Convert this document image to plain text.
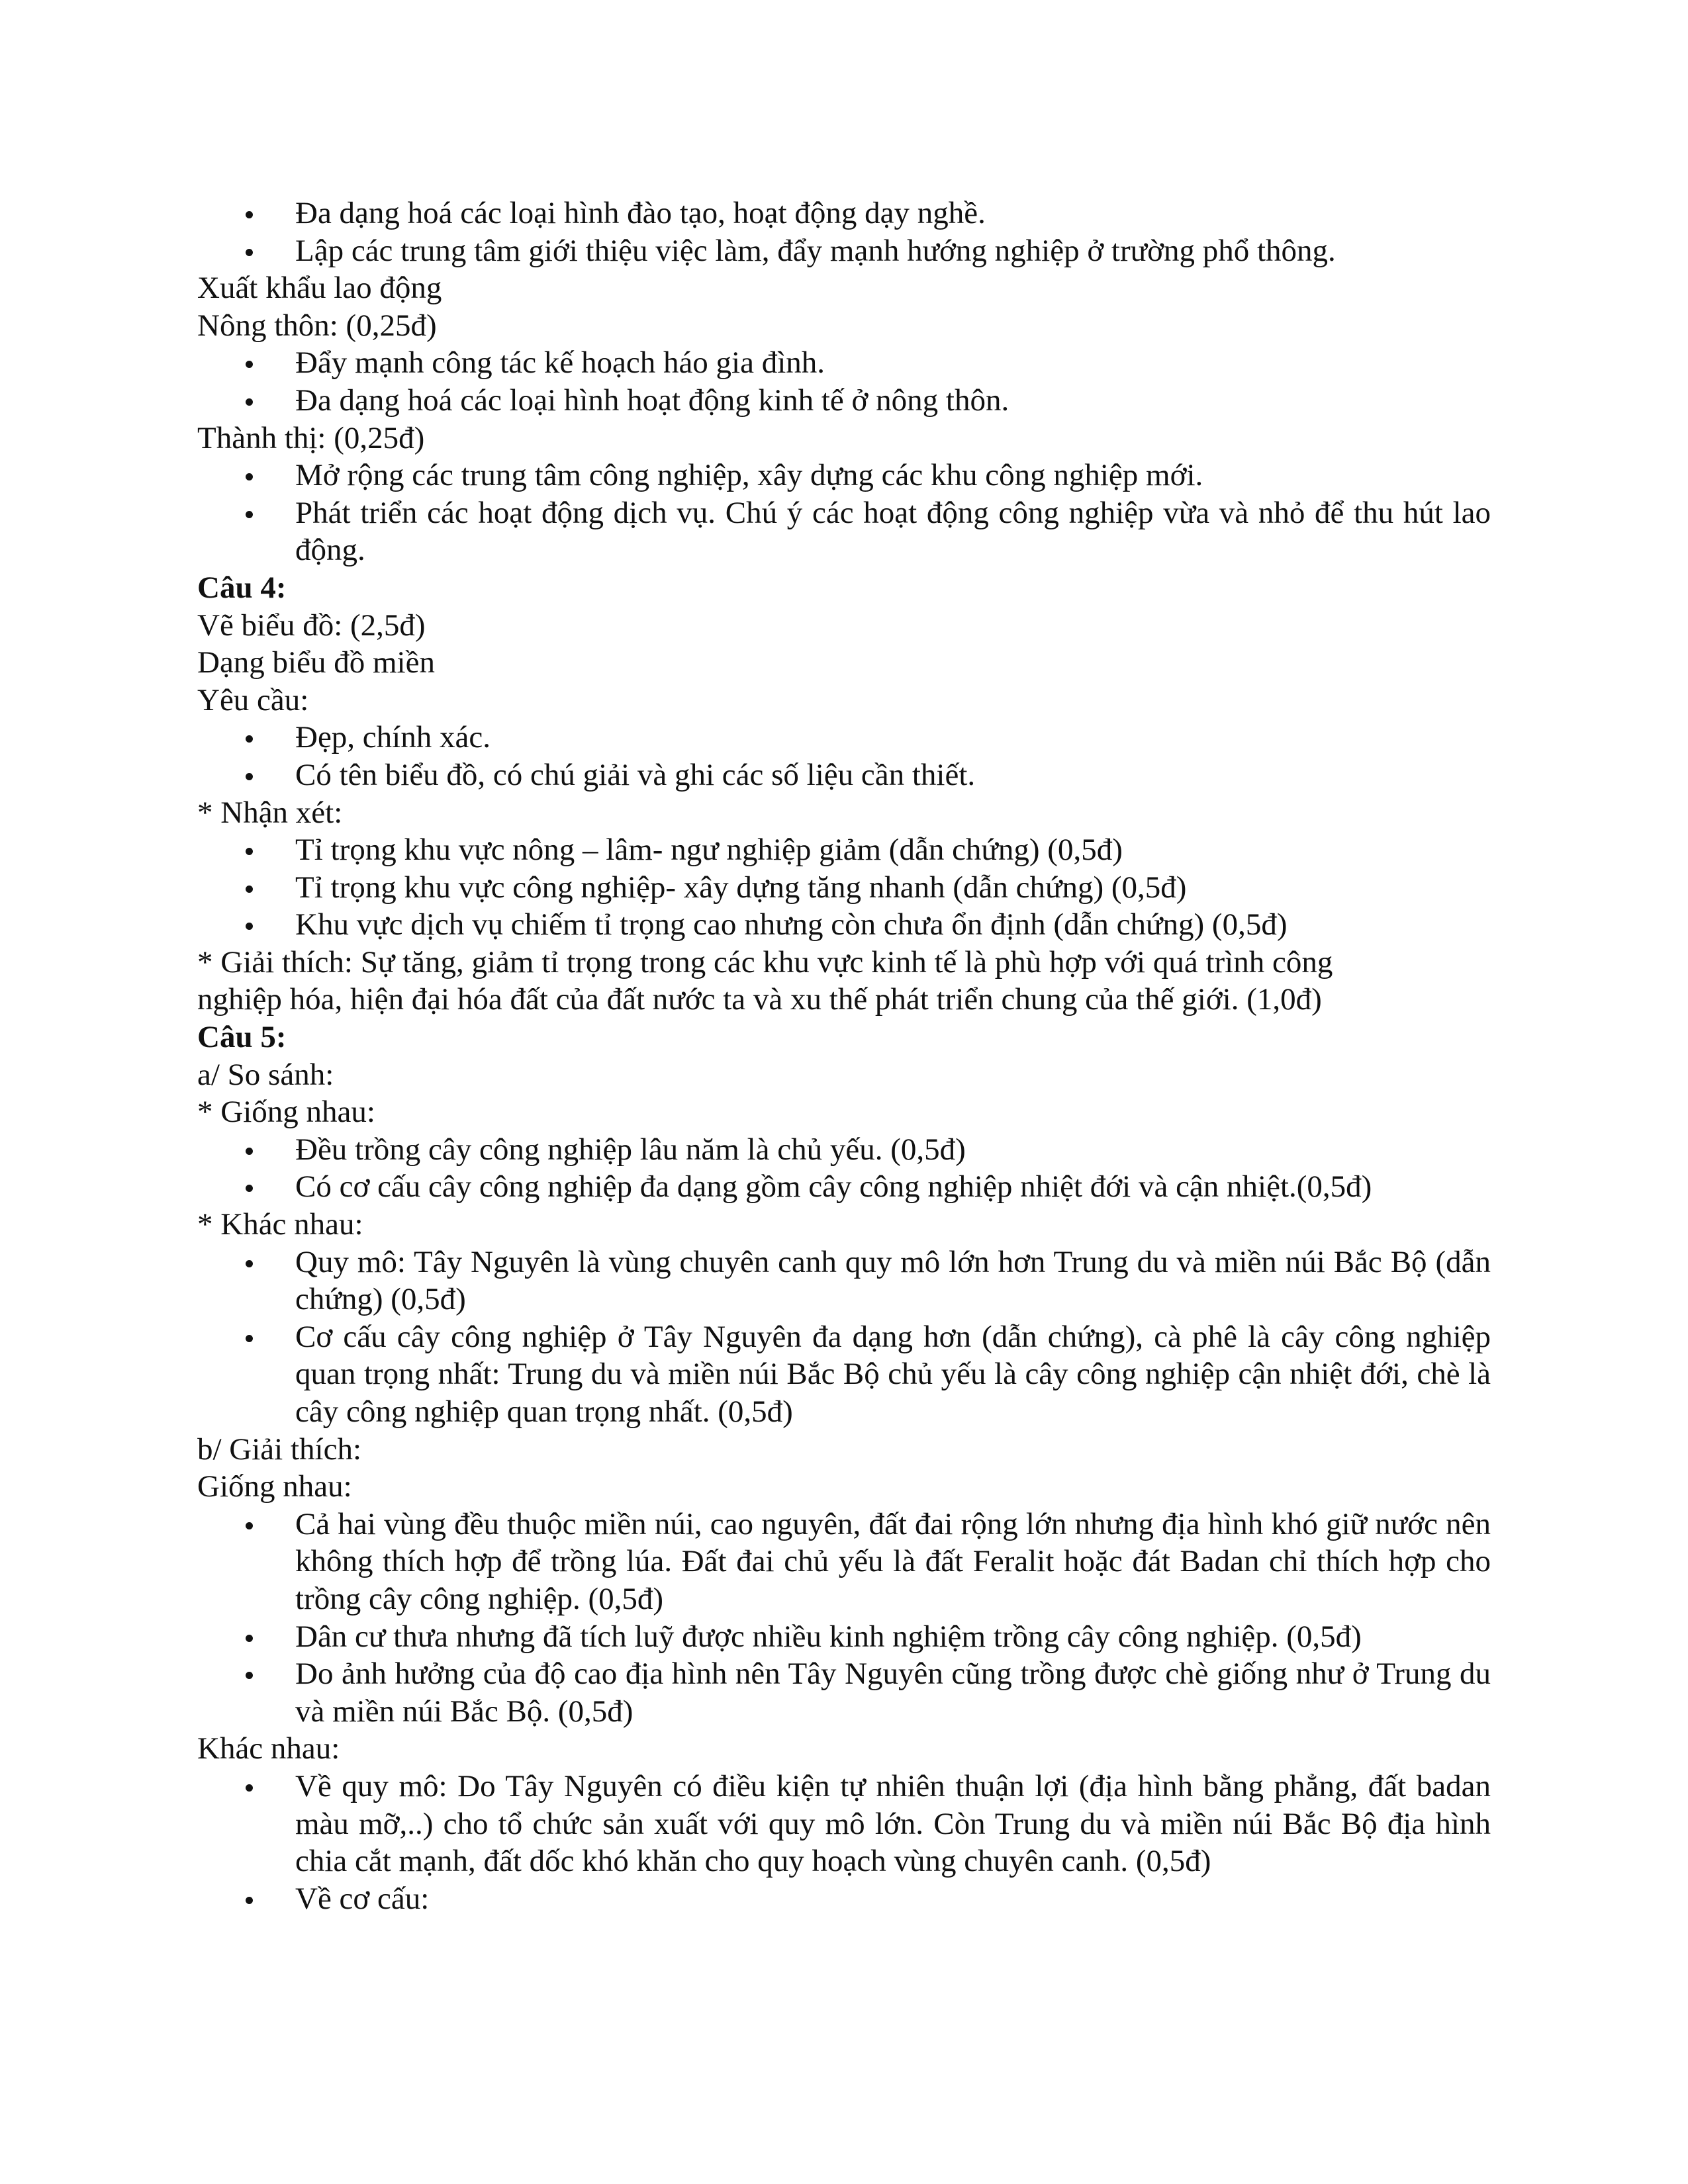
Đa dạng hoá các loại hình đào tạo, hoạt động dạy nghề.
Lập các trung tâm giới thiệu việc làm, đẩy mạnh hướng nghiệp ở trường phổ thông.
Xuất khẩu lao động
Nông thôn: (0,25đ)
Đẩy mạnh công tác kế hoạch háo gia đình.
Đa dạng hoá các loại hình hoạt động kinh tế ở nông thôn.
Thành thị: (0,25đ)
Mở rộng các trung tâm công nghiệp, xây dựng các khu công nghiệp mới.
Phát triển các hoạt động dịch vụ. Chú ý các hoạt động công nghiệp vừa và nhỏ để thu hút lao động.
Câu 4:
Vẽ biểu đồ: (2,5đ)
Dạng biểu đồ miền
Yêu cầu:
Đẹp, chính xác.
Có tên biểu đồ, có chú giải và ghi các số liệu cần thiết.
* Nhận xét:
Tỉ trọng khu vực nông – lâm- ngư nghiệp giảm (dẫn chứng) (0,5đ)
Tỉ trọng khu vực công nghiệp- xây dựng tăng nhanh (dẫn chứng) (0,5đ)
Khu vực dịch vụ chiếm tỉ trọng cao nhưng còn chưa ổn định (dẫn chứng) (0,5đ)
* Giải thích: Sự tăng, giảm tỉ trọng trong các khu vực kinh tế là phù hợp với quá trình công
nghiệp hóa, hiện đại hóa đất của đất nước ta và xu thế phát triển chung của thế giới. (1,0đ)
Câu 5:
a/ So sánh:
* Giống nhau:
Đều trồng cây công nghiệp lâu năm là chủ yếu. (0,5đ)
Có cơ cấu cây công nghiệp đa dạng gồm cây công nghiệp nhiệt đới và cận nhiệt.(0,5đ)
* Khác nhau:
Quy mô: Tây Nguyên là vùng chuyên canh quy mô lớn hơn Trung du và miền núi Bắc Bộ (dẫn chứng) (0,5đ)
Cơ cấu cây công nghiệp ở Tây Nguyên đa dạng hơn (dẫn chứng), cà phê là cây công nghiệp quan trọng nhất: Trung du và miền núi Bắc Bộ chủ yếu là cây công nghiệp cận nhiệt đới, chè là cây công nghiệp quan trọng nhất. (0,5đ)
b/ Giải thích:
Giống nhau:
Cả hai vùng đều thuộc miền núi, cao nguyên, đất đai rộng lớn nhưng địa hình khó giữ nước nên không thích hợp để trồng lúa. Đất đai chủ yếu là đất Feralit hoặc đát Badan chỉ thích hợp cho trồng cây công nghiệp. (0,5đ)
Dân cư thưa nhưng đã tích luỹ được nhiều kinh nghiệm trồng cây công nghiệp. (0,5đ)
Do ảnh hưởng của độ cao địa hình nên Tây Nguyên cũng trồng được chè giống như ở Trung du và miền núi Bắc Bộ. (0,5đ)
Khác nhau:
Về quy mô: Do Tây Nguyên có điều kiện tự nhiên thuận lợi (địa hình bằng phẳng, đất badan màu mỡ,..) cho tổ chức sản xuất với quy mô lớn. Còn Trung du và miền núi Bắc Bộ địa hình chia cắt mạnh, đất dốc khó khăn cho quy hoạch vùng chuyên canh. (0,5đ)
Về cơ cấu:
